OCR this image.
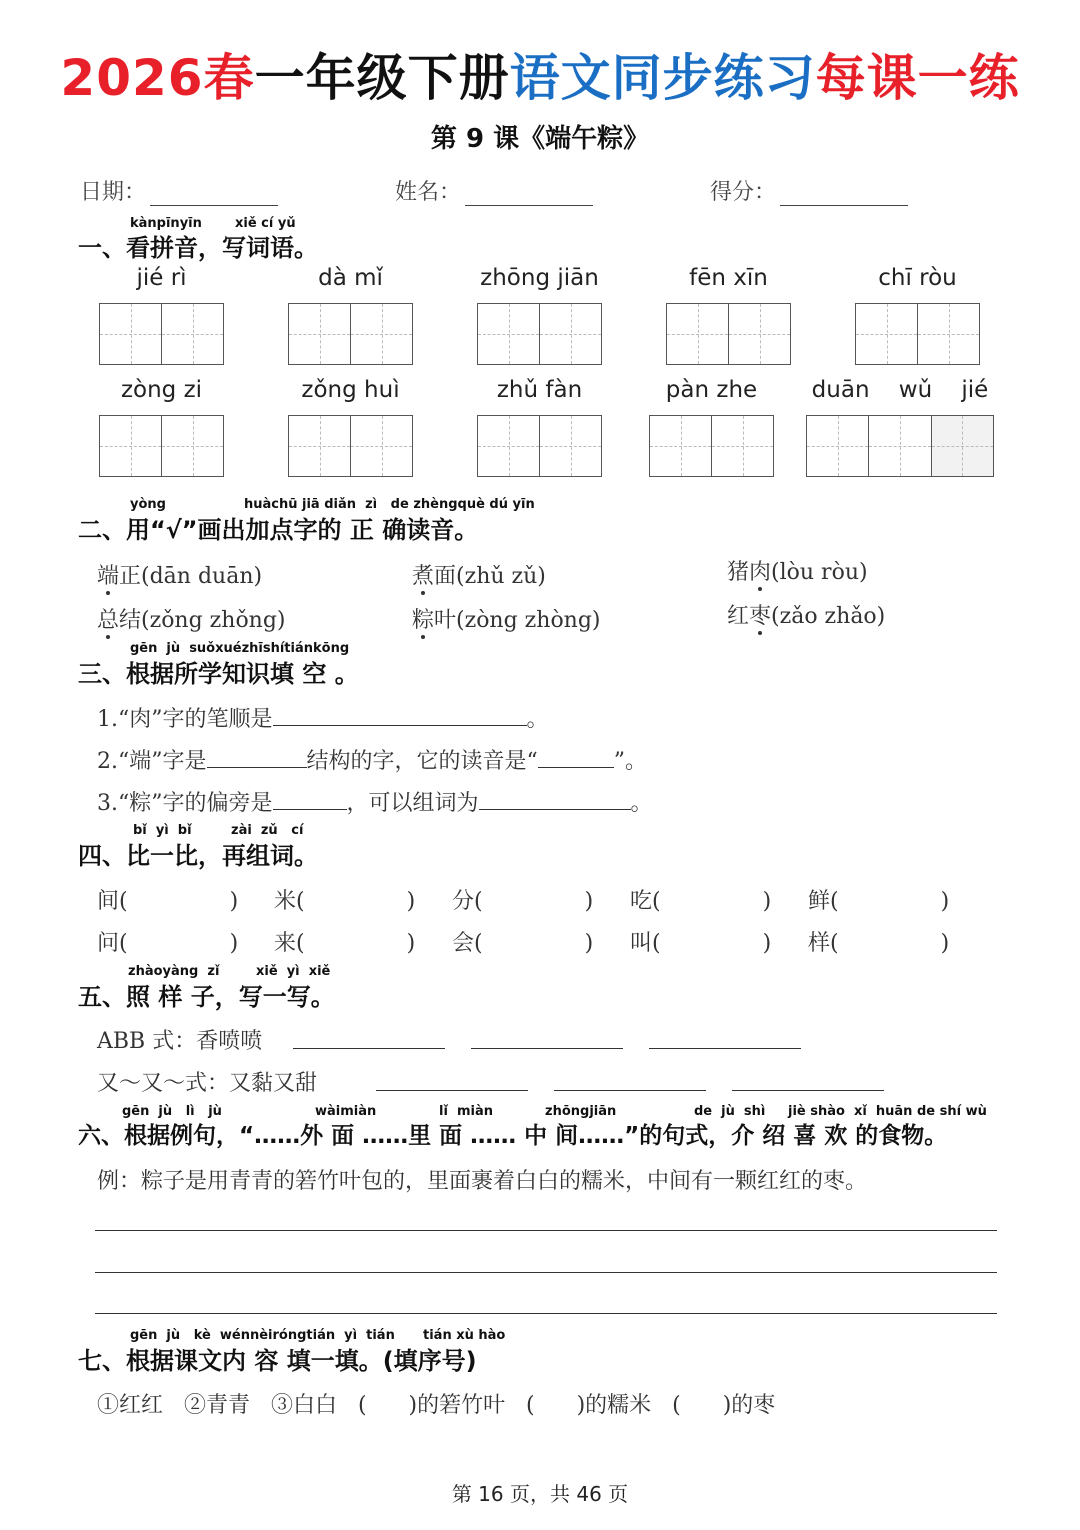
2026春一年级下册语文同步练习每课一练
第 9 课《端午粽》
日期：	姓名：	得分：
kànpīnyīn	xiě cí yǔ
一、看拼音，写词语。
jié rì	dà mǐ	zhōng jiān	fēn xīn	chī ròu
zòng zi	zǒng huì	zhǔ fàn	pàn zhe	duān    wǔ    jié
yòng	huàchū jiā diǎn  zì   de zhèngquè dú yīn
二、用“√”画出加点字的 正 确读音。
端正(dān duān)	煮面(zhǔ zǔ)	猪肉(lòu ròu)
总结(zǒng zhǒng)	粽叶(zòng zhòng)	红枣(zǎo zhǎo)
gēn  jù  suǒxuézhīshítiánkōng
三、根据所学知识填 空 。
1.“肉”字的笔顺是	。
2.“端”字是	结构的字，它的读音是“	”。
3.“粽”字的偏旁是	，可以组词为	。
bǐ  yì  bǐ	zài  zǔ   cí
四、比一比，再组词。
间(	) 米(	) 分(	) 吃(	) 鲜(	)
问(	) 来(	) 会(	) 叫(	) 样(	)
zhàoyàng  zǐ	xiě  yì  xiě
五、照 样 子，写一写。
ABB 式：香喷喷
又～又～式：又黏又甜
gēn  jù   lì   jù	wàimiàn	lǐ  miàn	zhōngjiān	de  jù  shì jiè shào  xǐ  huān de shí wù
六、根据例句，“……外 面 ……里 面 …… 中 间……”的句式，介 绍 喜 欢 的食物。
例：粽子是用青青的箬竹叶包的，里面裹着白白的糯米，中间有一颗红红的枣。
gēn  jù   kè  wénnèiróngtián  yì  tián tián xù hào
七、根据课文内 容 填一填。(填序号)
①红红   ②青青   ③白白   (      )的箬竹叶   (      )的糯米   (      )的枣
第 16 页，共 46 页
